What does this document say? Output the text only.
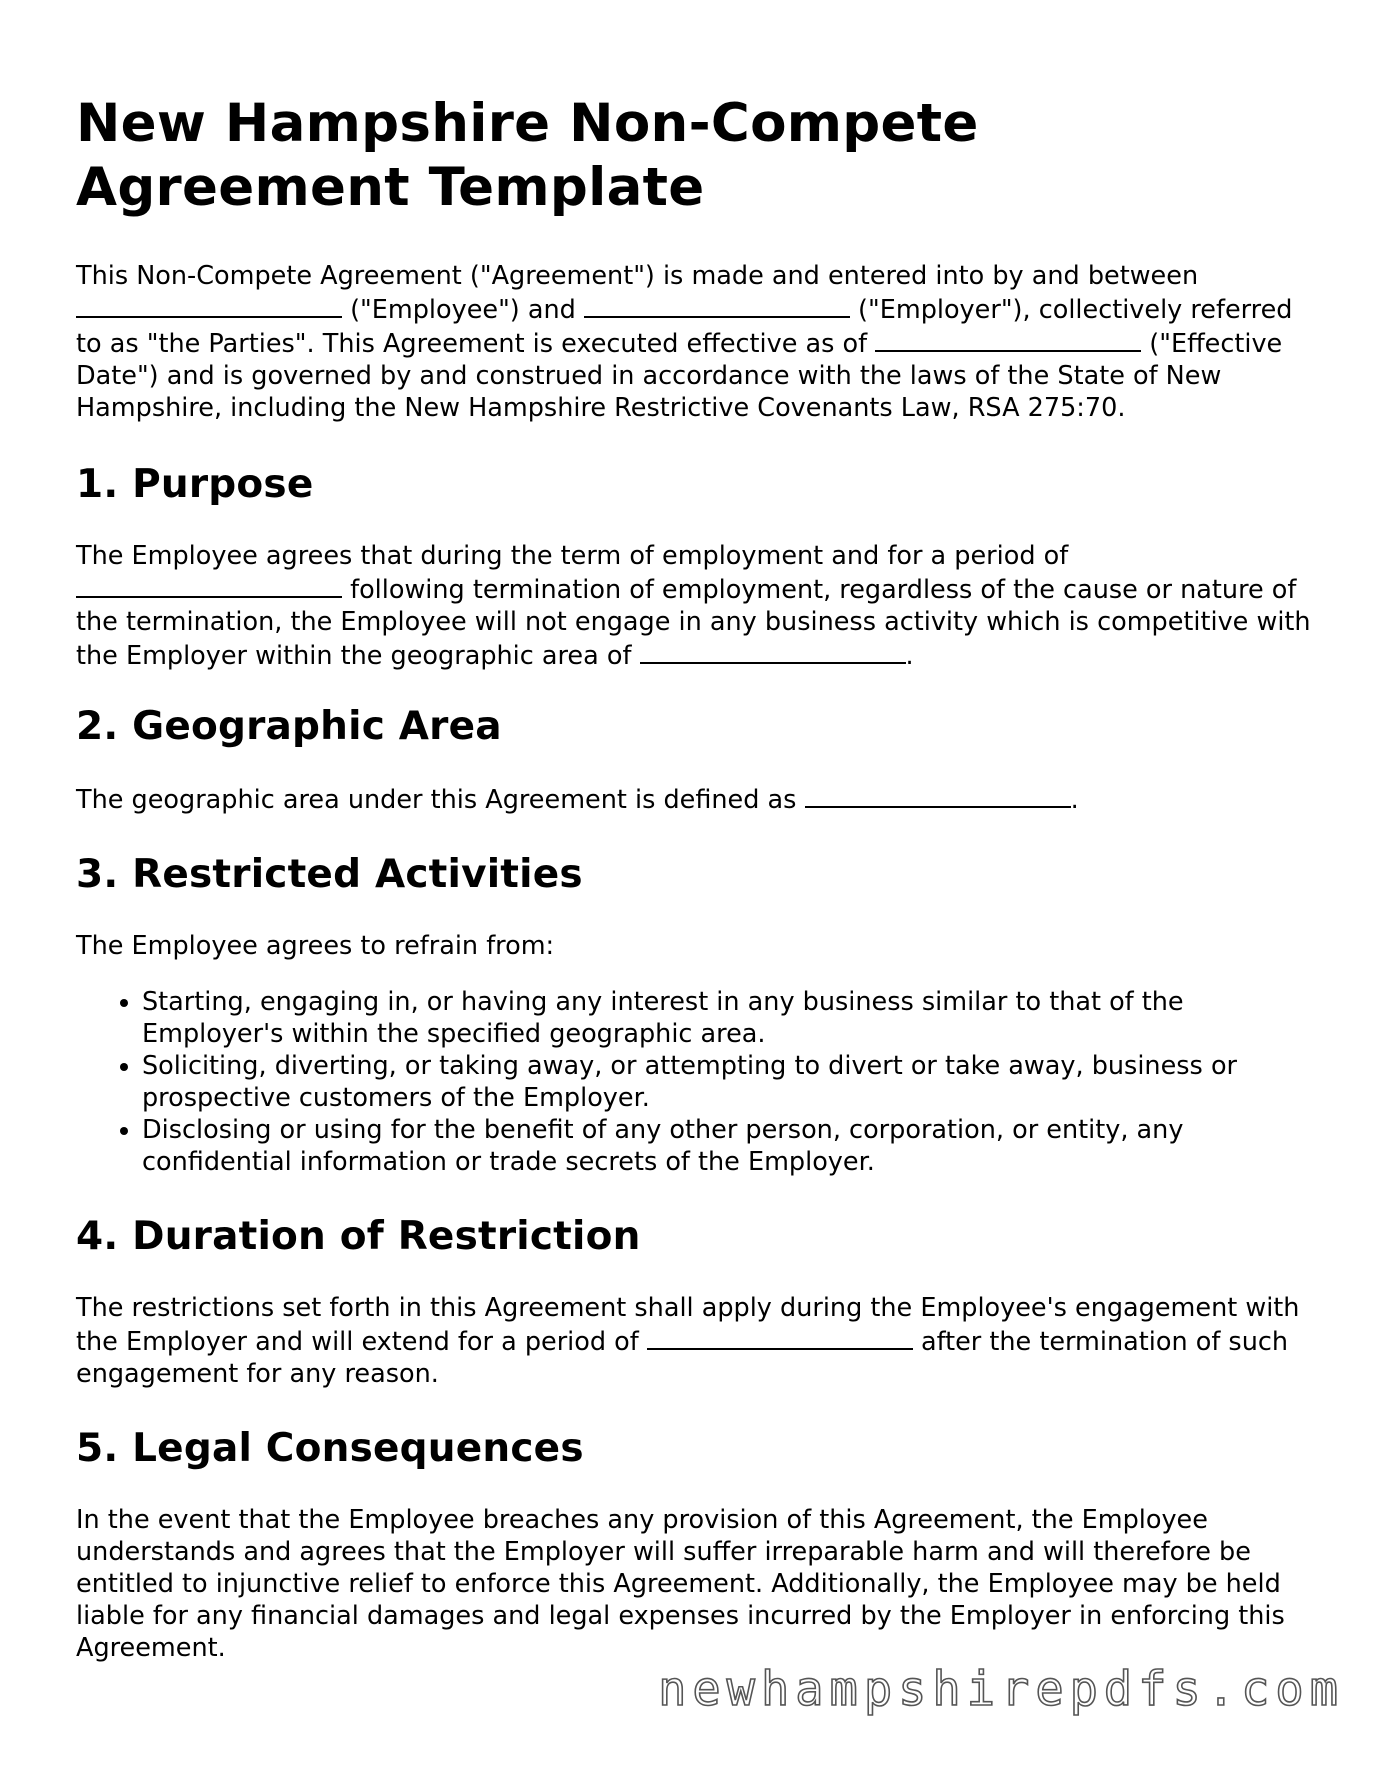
New Hampshire Non-Compete Agreement Template

This Non-Compete Agreement ("Agreement") is made and entered into by and between  ("Employee") and	("Employer"), collectively referred to as "the Parties". This Agreement is executed effective as of	("Effective Date") and is governed by and construed in accordance with the laws of the State of New Hampshire, including the New Hampshire Restrictive Covenants Law, RSA 275:70.

1. Purpose

The Employee agrees that during the term of employment and for a period of  following termination of employment, regardless of the cause or nature of the termination, the Employee will not engage in any business activity which is competitive with the Employer within the geographic area of	.

2. Geographic Area

The geographic area under this Agreement is defined as	.

3. Restricted Activities

The Employee agrees to refrain from:

• Starting, engaging in, or having any interest in any business similar to that of the Employer's within the specified geographic area.
• Soliciting, diverting, or taking away, or attempting to divert or take away, business or prospective customers of the Employer.
• Disclosing or using for the benefit of any other person, corporation, or entity, any confidential information or trade secrets of the Employer.
4. Duration of Restriction

The restrictions set forth in this Agreement shall apply during the Employee's engagement with the Employer and will extend for a period of	after the termination of such engagement for any reason.

5. Legal Consequences

In the event that the Employee breaches any provision of this Agreement, the Employee understands and agrees that the Employer will suffer irreparable harm and will therefore be entitled to injunctive relief to enforce this Agreement. Additionally, the Employee may be held liable for any financial damages and legal expenses incurred by the Employer in enforcing this Agreement.

newhampshirepdfs.com
